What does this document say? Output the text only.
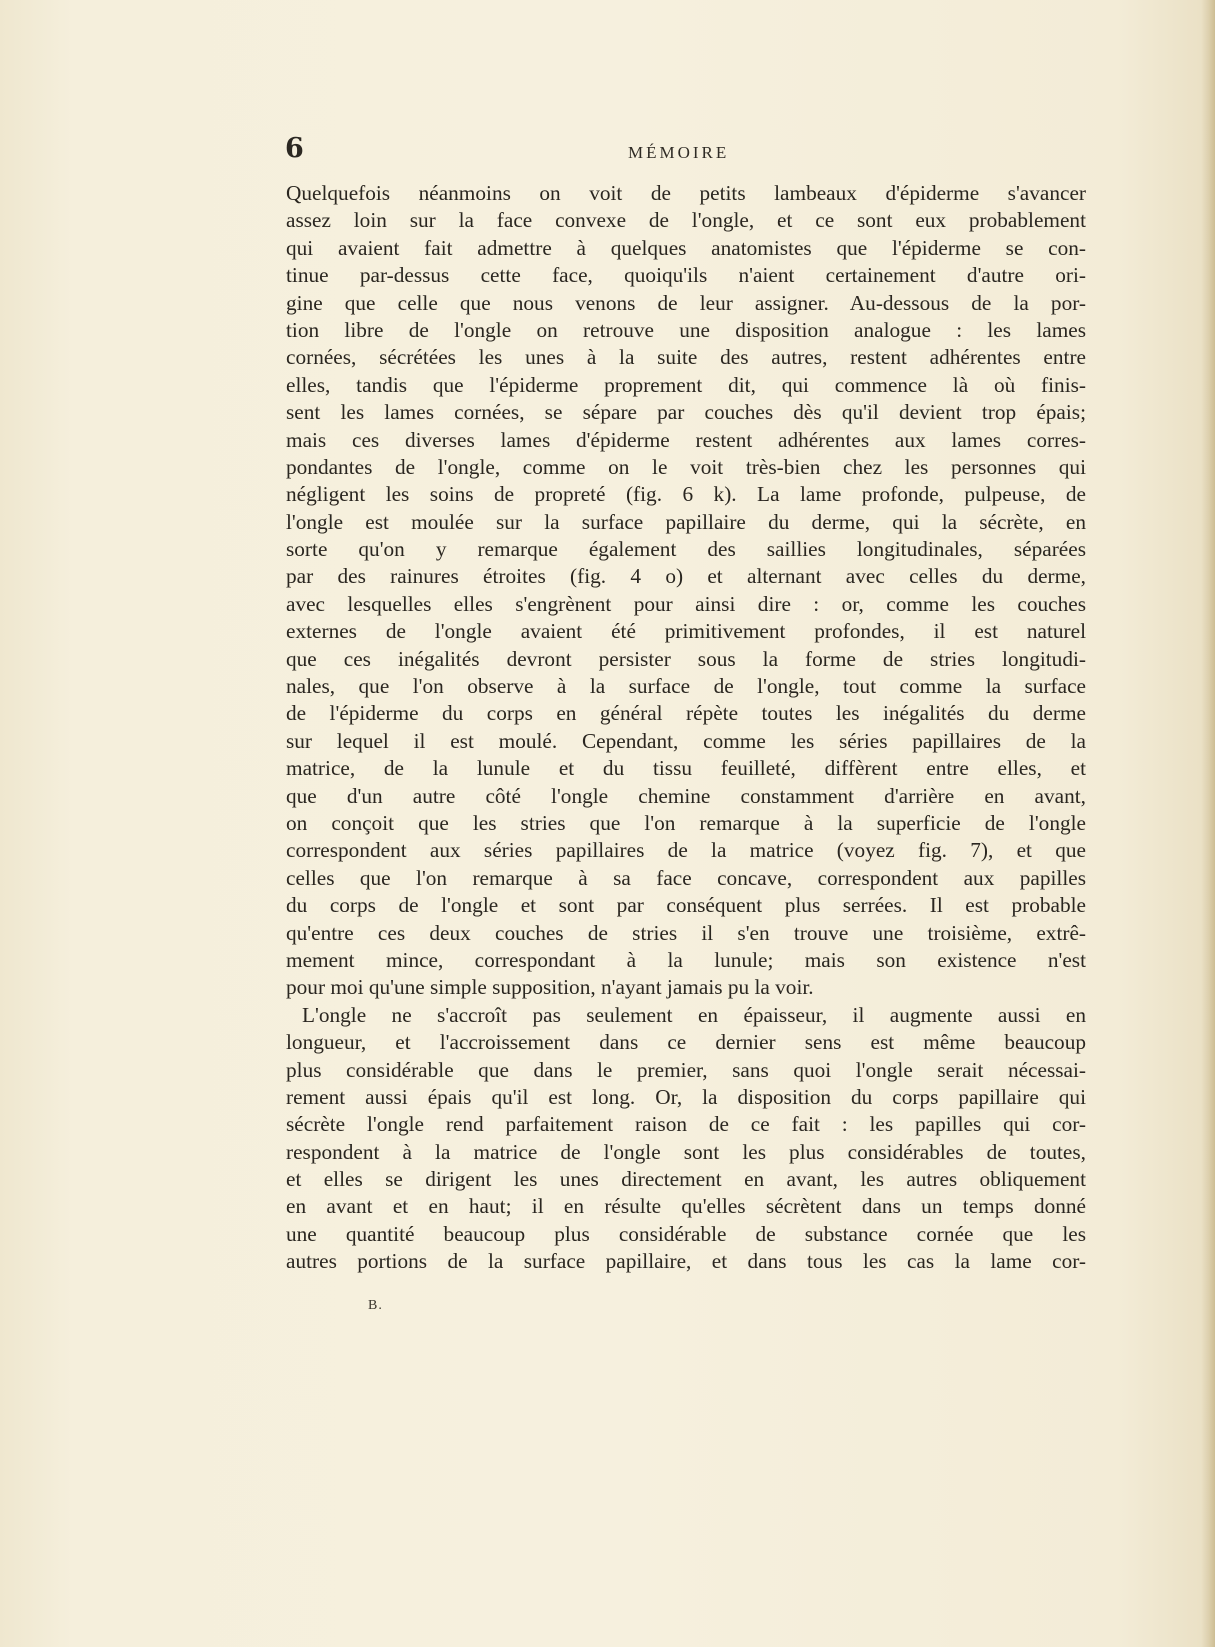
6	MÉMOIRE
Quelquefois néanmoins on voit de petits lambeaux d'épiderme s'avancer
assez loin sur la face convexe de l'ongle, et ce sont eux probablement
qui avaient fait admettre à quelques anatomistes que l'épiderme se con-
tinue par-dessus cette face, quoiqu'ils n'aient certainement d'autre ori-
gine que celle que nous venons de leur assigner. Au-dessous de la por-
tion libre de l'ongle on retrouve une disposition analogue : les lames
cornées, sécrétées les unes à la suite des autres, restent adhérentes entre
elles, tandis que l'épiderme proprement dit, qui commence là où finis-
sent les lames cornées, se sépare par couches dès qu'il devient trop épais;
mais ces diverses lames d'épiderme restent adhérentes aux lames corres-
pondantes de l'ongle, comme on le voit très-bien chez les personnes qui
négligent les soins de propreté (fig. 6 k). La lame profonde, pulpeuse, de
l'ongle est moulée sur la surface papillaire du derme, qui la sécrète, en
sorte qu'on y remarque également des saillies longitudinales, séparées
par des rainures étroites (fig. 4 o) et alternant avec celles du derme,
avec lesquelles elles s'engrènent pour ainsi dire : or, comme les couches
externes de l'ongle avaient été primitivement profondes, il est naturel
que ces inégalités devront persister sous la forme de stries longitudi-
nales, que l'on observe à la surface de l'ongle, tout comme la surface
de l'épiderme du corps en général répète toutes les inégalités du derme
sur lequel il est moulé. Cependant, comme les séries papillaires de la
matrice, de la lunule et du tissu feuilleté, diffèrent entre elles, et
que d'un autre côté l'ongle chemine constamment d'arrière en avant,
on conçoit que les stries que l'on remarque à la superficie de l'ongle
correspondent aux séries papillaires de la matrice (voyez fig. 7), et que
celles que l'on remarque à sa face concave, correspondent aux papilles
du corps de l'ongle et sont par conséquent plus serrées. Il est probable
qu'entre ces deux couches de stries il s'en trouve une troisième, extrê-
mement mince, correspondant à la lunule; mais son existence n'est
pour moi qu'une simple supposition, n'ayant jamais pu la voir.
L'ongle ne s'accroît pas seulement en épaisseur, il augmente aussi en
longueur, et l'accroissement dans ce dernier sens est même beaucoup
plus considérable que dans le premier, sans quoi l'ongle serait nécessai-
rement aussi épais qu'il est long. Or, la disposition du corps papillaire qui
sécrète l'ongle rend parfaitement raison de ce fait : les papilles qui cor-
respondent à la matrice de l'ongle sont les plus considérables de toutes,
et elles se dirigent les unes directement en avant, les autres obliquement
en avant et en haut; il en résulte qu'elles sécrètent dans un temps donné
une quantité beaucoup plus considérable de substance cornée que les
autres portions de la surface papillaire, et dans tous les cas la lame cor-
B.
